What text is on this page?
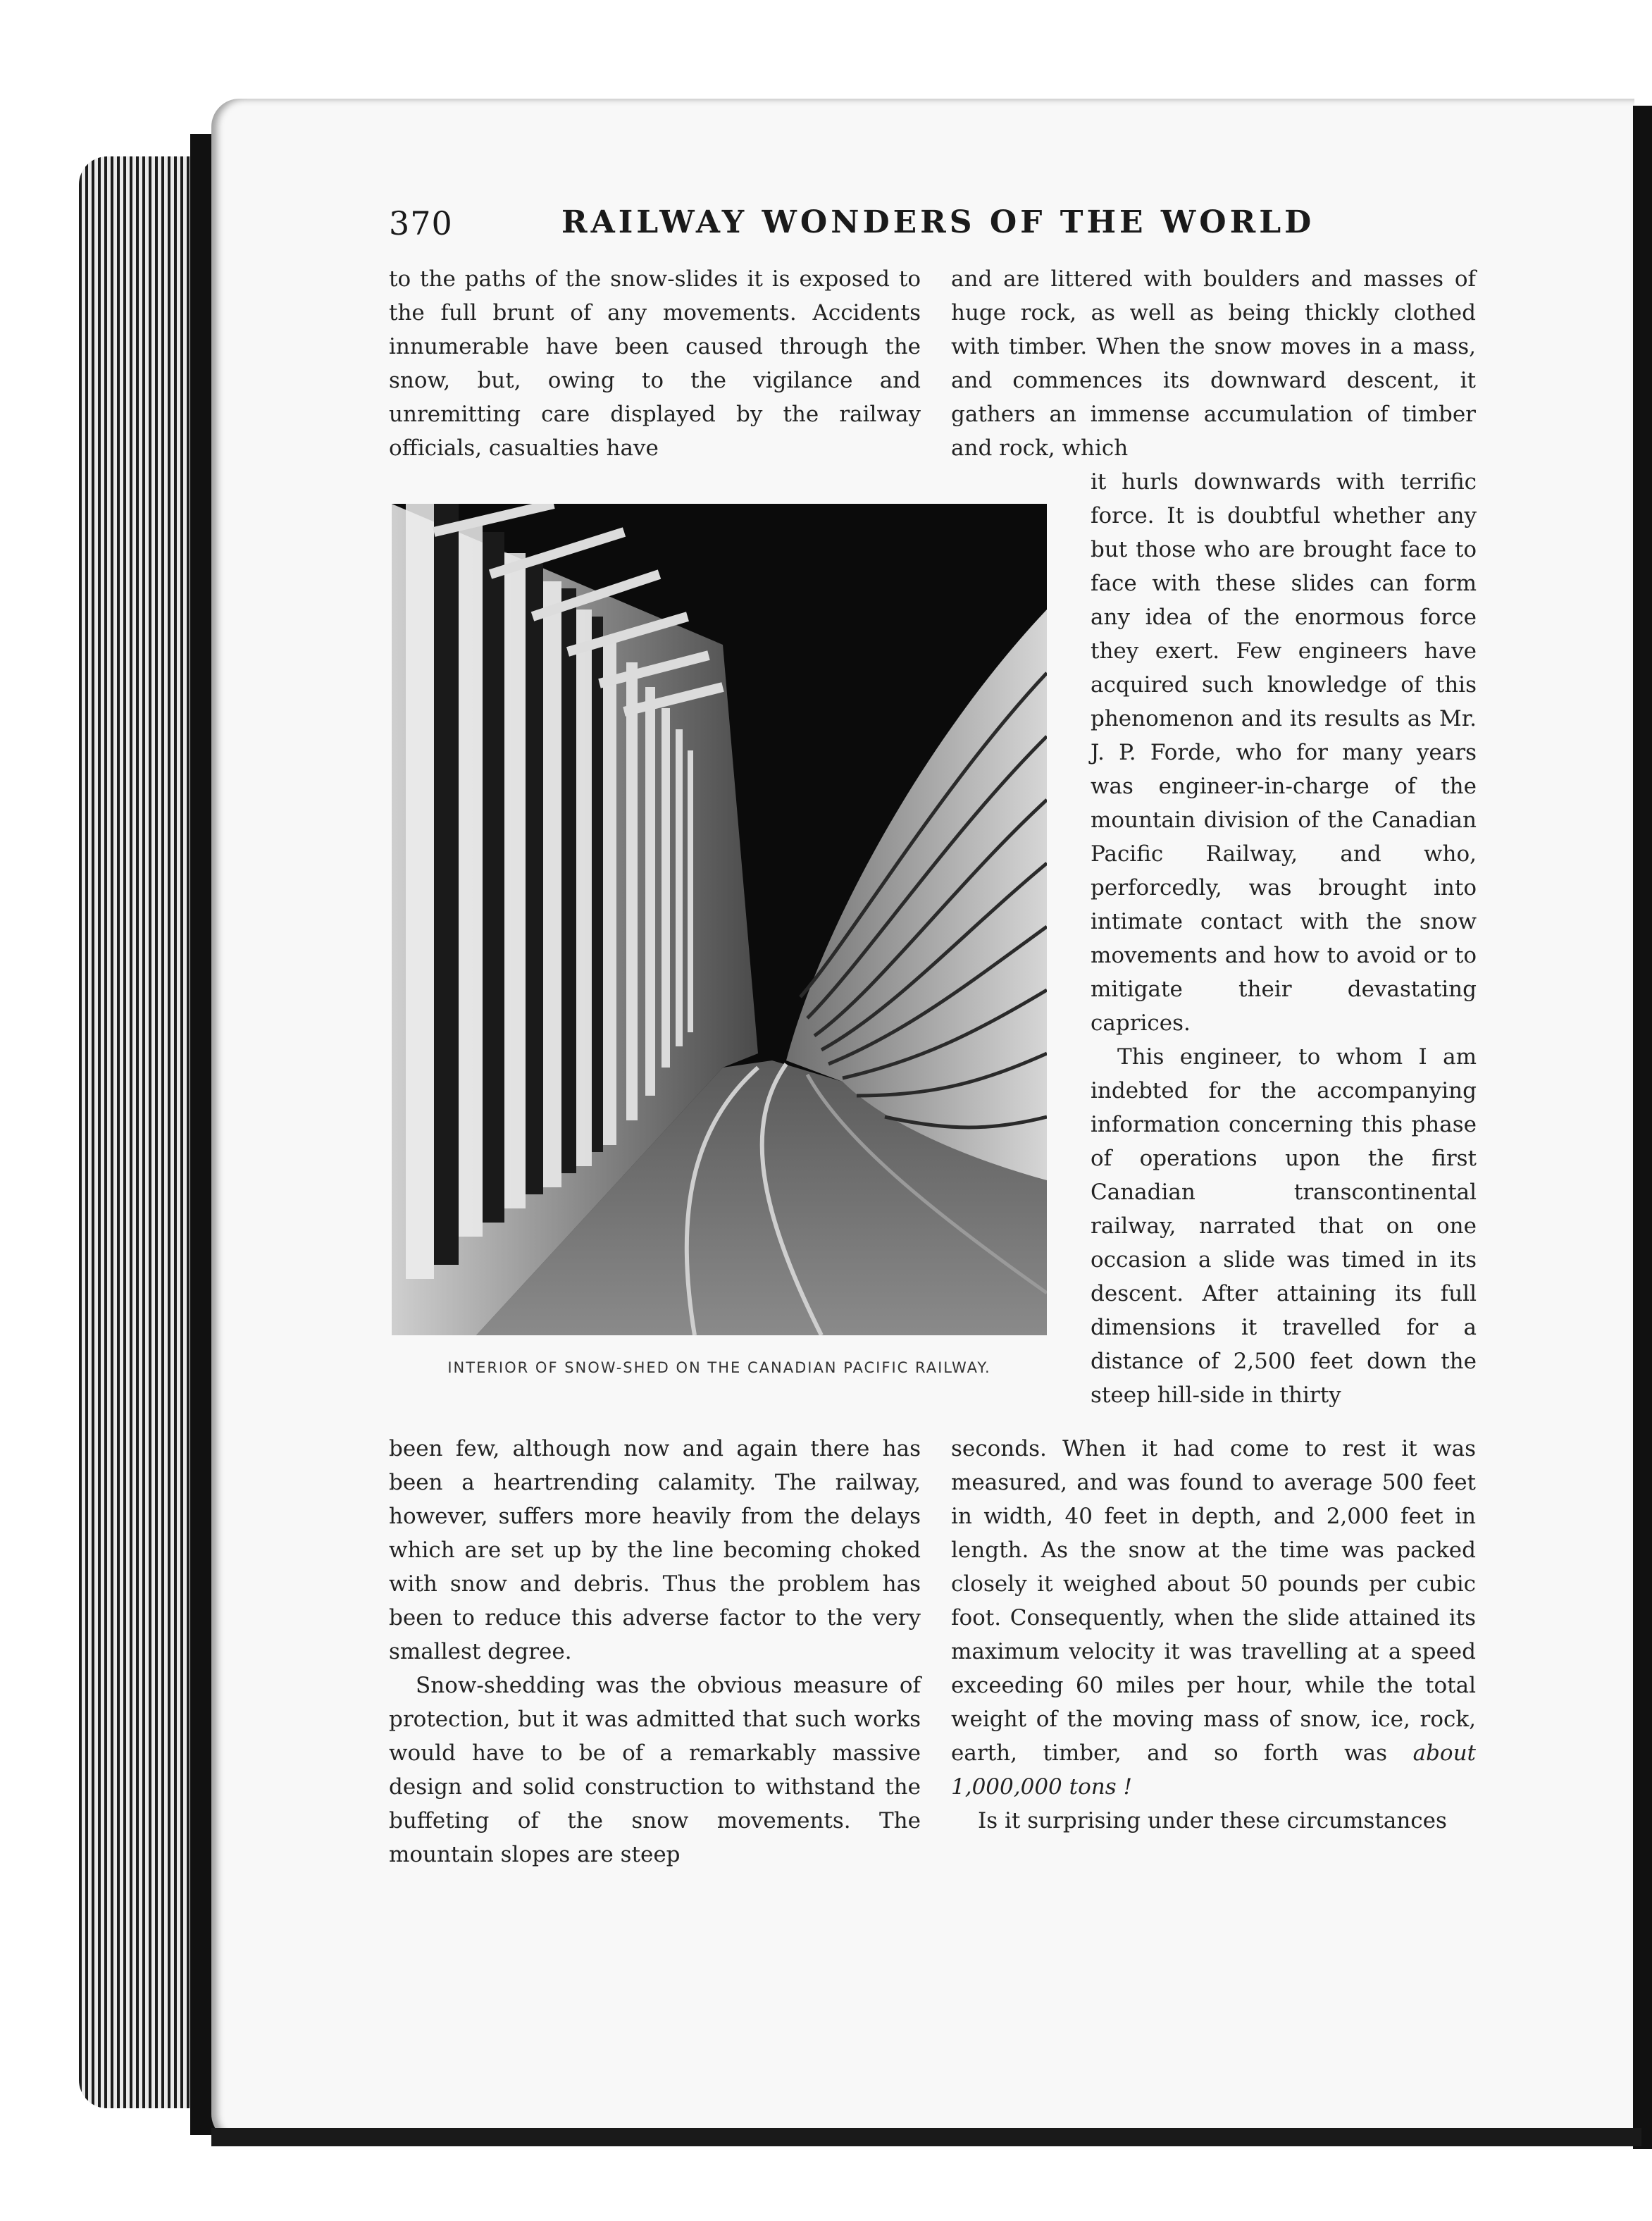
370	RAILWAY WONDERS OF THE WORLD

to the paths of the snow-slides it is exposed to the full brunt of any movements. Accidents innumerable have been caused through the snow, but, owing to the vigilance and unremitting care displayed by the railway officials, casualties have

and are littered with boulders and masses of huge rock, as well as being thickly clothed with timber. When the snow moves in a mass, and commences its downward descent, it gathers an immense accumulation of timber and rock, which

it hurls downwards with terrific force. It is doubtful whether any but those who are brought face to face with these slides can form any idea of the enormous force they exert. Few engineers have acquired such knowledge of this phenomenon and its results as Mr. J. P. Forde, who for many years was engineer-in-charge of the mountain division of the Canadian Pacific Railway, and who, perforcedly, was brought into intimate contact with the snow movements and how to avoid or to mitigate their devastating caprices.

This engineer, to whom I am indebted for the accompanying information concerning this phase of operations upon the first Canadian transcontinental railway, narrated that on one occasion a slide was timed in its descent. After attaining its full dimensions it travelled for a distance of 2,500 feet down the steep hill-side in thirty

INTERIOR OF SNOW-SHED ON THE CANADIAN PACIFIC RAILWAY.

been few, although now and again there has been a heartrending calamity. The railway, however, suffers more heavily from the delays which are set up by the line becoming choked with snow and debris. Thus the problem has been to reduce this adverse factor to the very smallest degree.

Snow-shedding was the obvious measure of protection, but it was admitted that such works would have to be of a remarkably massive design and solid construction to withstand the buffeting of the snow movements. The mountain slopes are steep

seconds. When it had come to rest it was measured, and was found to average 500 feet in width, 40 feet in depth, and 2,000 feet in length. As the snow at the time was packed closely it weighed about 50 pounds per cubic foot. Consequently, when the slide attained its maximum velocity it was travelling at a speed exceeding 60 miles per hour, while the total weight of the moving mass of snow, ice, rock, earth, timber, and so forth was about 1,000,000 tons !

Is it surprising under these circumstances
